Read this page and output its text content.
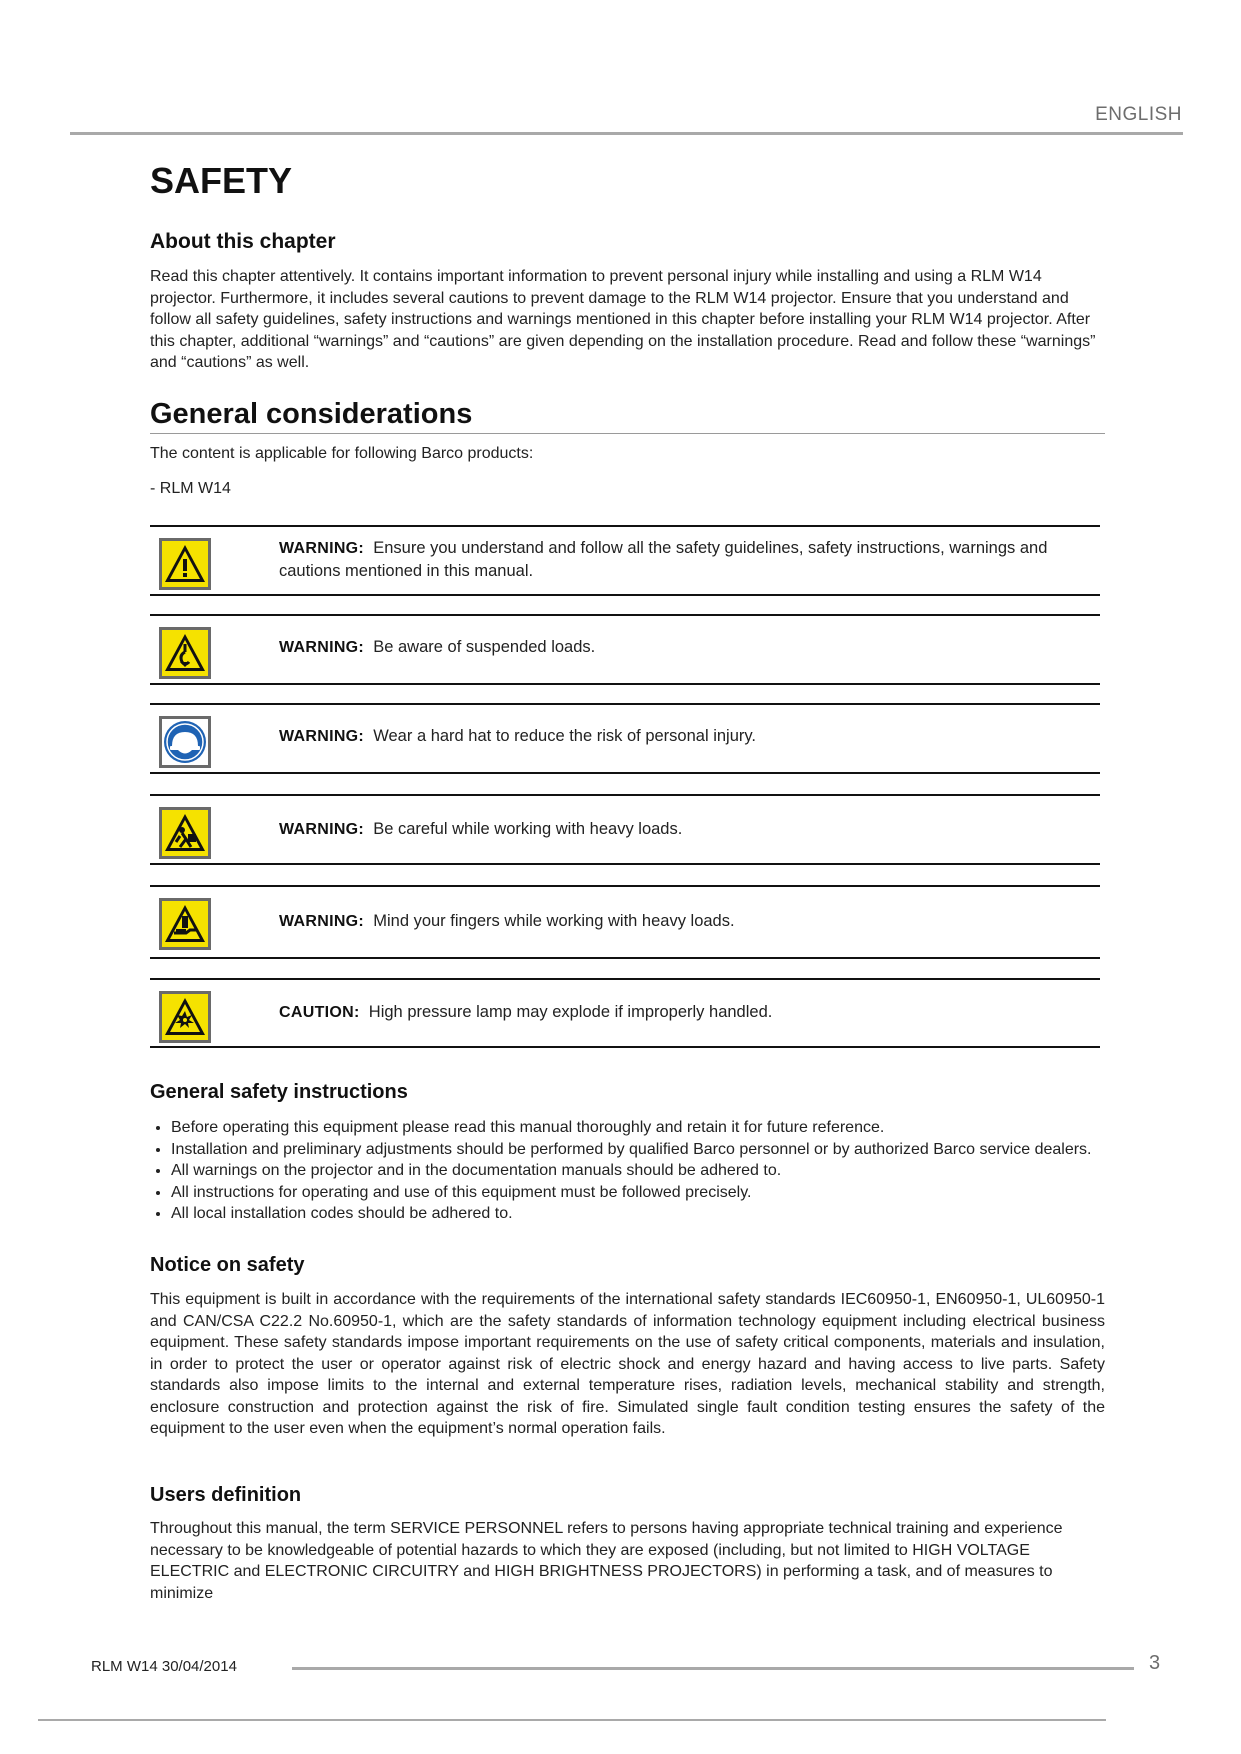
ENGLISH
SAFETY
About this chapter

Read this chapter attentively. It contains important information to prevent personal injury while installing and using a RLM W14 projector. Furthermore, it includes several cautions to prevent damage to the RLM W14 projector. Ensure that you understand and follow all safety guidelines, safety instructions and warnings mentioned in this chapter before installing your RLM W14 projector. After this chapter, additional “warnings” and “cautions” are given depending on the installation procedure. Read and follow these “warnings” and “cautions” as well.

General considerations

The content is applicable for following Barco products:

- RLM W14

WARNING: Ensure you understand and follow all the safety guidelines, safety instructions, warnings and cautions mentioned in this manual.
WARNING: Be aware of suspended loads.
WARNING: Wear a hard hat to reduce the risk of personal injury.
WARNING: Be careful while working with heavy loads.
WARNING: Mind your fingers while working with heavy loads.
CAUTION: High pressure lamp may explode if improperly handled.
General safety instructions
• Before operating this equipment please read this manual thoroughly and retain it for future reference.
• Installation and preliminary adjustments should be performed by qualified Barco personnel or by authorized Barco service dealers.
• All warnings on the projector and in the documentation manuals should be adhered to.
• All instructions for operating and use of this equipment must be followed precisely.
• All local installation codes should be adhered to.
Notice on safety

This equipment is built in accordance with the requirements of the international safety standards IEC60950-1, EN60950-1, UL60950-1 and CAN/CSA C22.2 No.60950-1, which are the safety standards of information technology equipment including electrical business equipment. These safety standards impose important requirements on the use of safety critical components, materials and insulation, in order to protect the user or operator against risk of electric shock and energy hazard and having access to live parts. Safety standards also impose limits to the internal and external temperature rises, radiation levels, mechanical stability and strength, enclosure construction and protection against the risk of fire. Simulated single fault condition testing ensures the safety of the equipment to the user even when the equipment’s normal operation fails.

Users definition

Throughout this manual, the term SERVICE PERSONNEL refers to persons having appropriate technical training and experience necessary to be knowledgeable of potential hazards to which they are exposed (including, but not limited to HIGH VOLTAGE ELECTRIC and ELECTRONIC CIRCUITRY and HIGH BRIGHTNESS PROJECTORS) in performing a task, and of measures to minimize

RLM W14 30/04/2014	3
